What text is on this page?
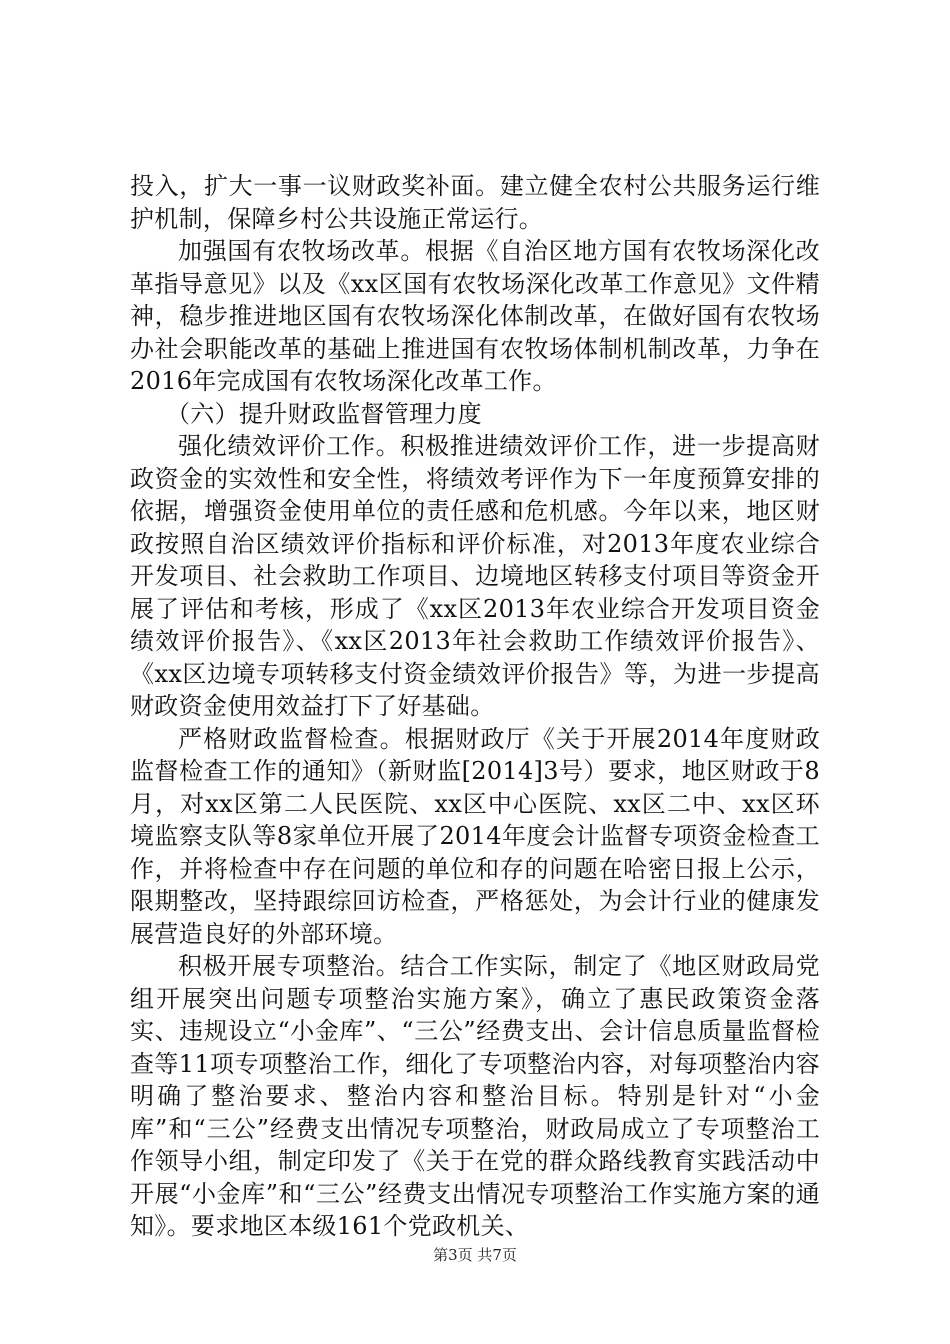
投入，扩大一事一议财政奖补面。建立健全农村公共服务运行维护机制，保障乡村公共设施正常运行。

加强国有农牧场改革。根据《自治区地方国有农牧场深化改革指导意见》以及《xx区国有农牧场深化改革工作意见》文件精神，稳步推进地区国有农牧场深化体制改革，在做好国有农牧场办社会职能改革的基础上推进国有农牧场体制机制改革，力争在2016年完成国有农牧场深化改革工作。

（六）提升财政监督管理力度

强化绩效评价工作。积极推进绩效评价工作，进一步提高财政资金的实效性和安全性，将绩效考评作为下一年度预算安排的依据，增强资金使用单位的责任感和危机感。今年以来，地区财政按照自治区绩效评价指标和评价标准，对2013年度农业综合开发项目、社会救助工作项目、边境地区转移支付项目等资金开展了评估和考核，形成了《xx区2013年农业综合开发项目资金绩效评价报告》、《xx区2013年社会救助工作绩效评价报告》、《xx区边境专项转移支付资金绩效评价报告》等，为进一步提高财政资金使用效益打下了好基础。

严格财政监督检查。根据财政厅《关于开展2014年度财政监督检查工作的通知》（新财监[2014]3号）要求，地区财政于8月，对xx区第二人民医院、xx区中心医院、xx区二中、xx区环境监察支队等8家单位开展了2014年度会计监督专项资金检查工作，并将检查中存在问题的单位和存的问题在哈密日报上公示，限期整改，坚持跟综回访检查，严格惩处，为会计行业的健康发展营造良好的外部环境。

积极开展专项整治。结合工作实际，制定了《地区财政局党组开展突出问题专项整治实施方案》，确立了惠民政策资金落实、违规设立“小金库”、“三公”经费支出、会计信息质量监督检查等11项专项整治工作，细化了专项整治内容，对每项整治内容明确了整治要求、整治内容和整治目标。特别是针对“小金库”和“三公”经费支出情况专项整治，财政局成立了专项整治工作领导小组，制定印发了《关于在党的群众路线教育实践活动中开展“小金库”和“三公”经费支出情况专项整治工作实施方案的通知》。要求地区本级161个党政机关、

第3页 共7页
